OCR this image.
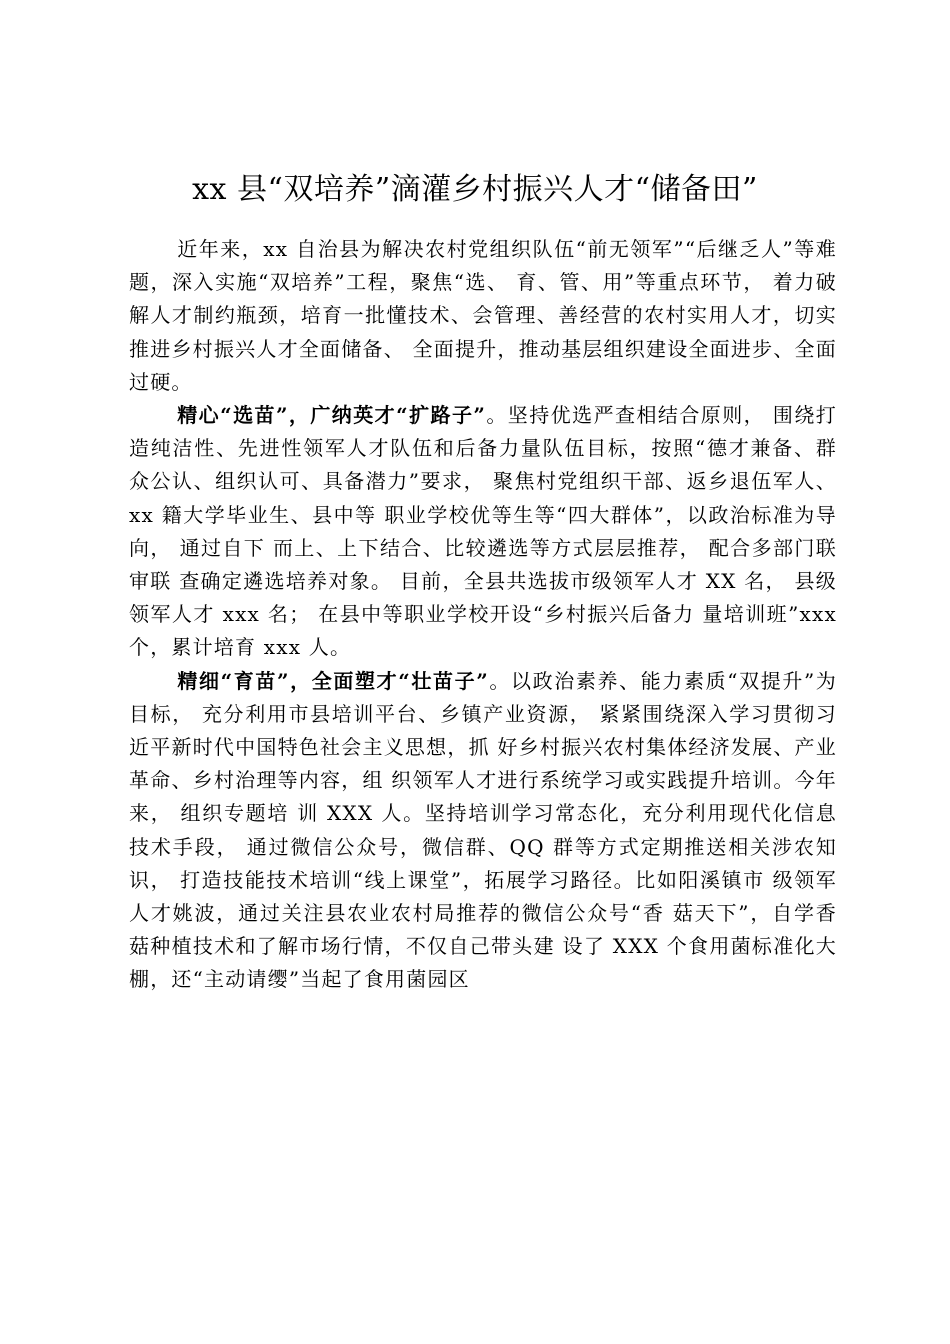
xx 县“双培养”滴灌乡村振兴人才“储备田”

近年来，xx 自治县为解决农村党组织队伍“前无领军”“后继乏人”等难题，深入实施“双培养”工程，聚焦“选、 育、管、用”等重点环节， 着力破解人才制约瓶颈，培育一批懂技术、会管理、善经营的农村实用人才，切实推进乡村振兴人才全面储备、 全面提升，推动基层组织建设全面进步、全面过硬。

精心“选苗”，广纳英才“扩路子”。坚持优选严查相结合原则， 围绕打造纯洁性、先进性领军人才队伍和后备力量队伍目标，按照“德才兼备、群众公认、组织认可、具备潜力”要求， 聚焦村党组织干部、返乡退伍军人、 xx 籍大学毕业生、县中等 职业学校优等生等“四大群体”，以政治标准为导向， 通过自下 而上、上下结合、比较遴选等方式层层推荐， 配合多部门联审联 查确定遴选培养对象。 目前，全县共选拔市级领军人才 XX 名， 县级领军人才 xxx 名； 在县中等职业学校开设“乡村振兴后备力 量培训班”xxx 个，累计培育 xxx 人。

精细“育苗”，全面塑才“壮苗子”。以政治素养、能力素质“双提升”为目标， 充分利用市县培训平台、乡镇产业资源， 紧紧围绕深入学习贯彻习近平新时代中国特色社会主义思想，抓 好乡村振兴农村集体经济发展、产业革命、乡村治理等内容，组 织领军人才进行系统学习或实践提升培训。今年来， 组织专题培 训 XXX 人。坚持培训学习常态化，充分利用现代化信息技术手段， 通过微信公众号，微信群、QQ 群等方式定期推送相关涉农知识， 打造技能技术培训“线上课堂”，拓展学习路径。比如阳溪镇市 级领军人才姚波，通过关注县农业农村局推荐的微信公众号“香 菇天下”，自学香菇种植技术和了解市场行情，不仅自己带头建 设了 XXX 个食用菌标准化大棚，还“主动请缨”当起了食用菌园区
